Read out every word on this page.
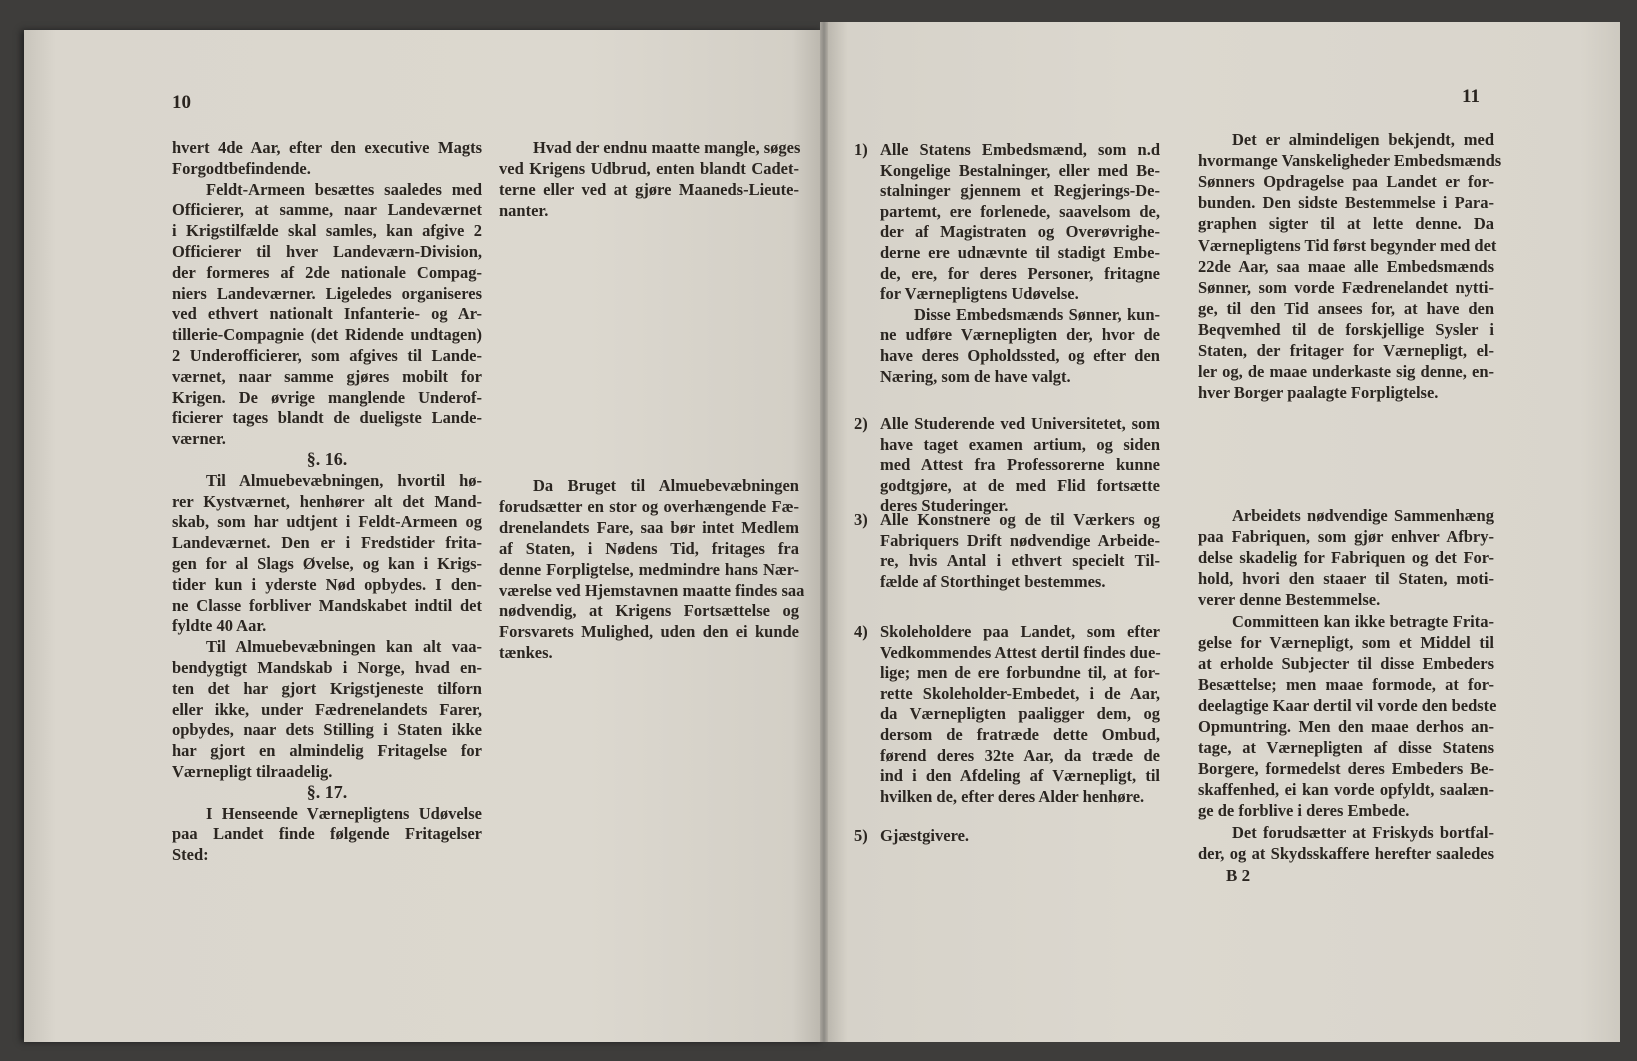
10	11
B 2
hvert 4de Aar, efter den executive Magts
Forgodtbefindende.
Feldt-Armeen besættes saaledes med
Officierer, at samme, naar Landeværnet
i Krigstilfælde skal samles, kan afgive 2
Officierer til hver Landeværn-Division,
der formeres af 2de nationale Compag-
niers Landeværner. Ligeledes organiseres
ved ethvert nationalt Infanterie- og Ar-
tillerie-Compagnie (det Ridende undtagen)
2 Underofficierer, som afgives til Lande-
værnet, naar samme gjøres mobilt for
Krigen. De øvrige manglende Underof-
ficierer tages blandt de dueligste Lande-
værner.
§. 16.
Til Almuebevæbningen, hvortil hø-
rer Kystværnet, henhører alt det Mand-
skab, som har udtjent i Feldt-Armeen og
Landeværnet. Den er i Fredstider frita-
gen for al Slags Øvelse, og kan i Krigs-
tider kun i yderste Nød opbydes. I den-
ne Classe forbliver Mandskabet indtil det
fyldte 40 Aar.
Til Almuebevæbningen kan alt vaa-
bendygtigt Mandskab i Norge, hvad en-
ten det har gjort Krigstjeneste tilforn
eller ikke, under Fædrenelandets Farer,
opbydes, naar dets Stilling i Staten ikke
har gjort en almindelig Fritagelse for
Værnepligt tilraadelig.
§. 17.
I Henseende Værnepligtens Udøvelse
paa Landet finde følgende Fritagelser
Sted:
Hvad der endnu maatte mangle, søges
ved Krigens Udbrud, enten blandt Cadet-
terne eller ved at gjøre Maaneds-Lieute-
nanter.
Da Bruget til Almuebevæbningen
forudsætter en stor og overhængende Fæ-
drenelandets Fare, saa bør intet Medlem
af Staten, i Nødens Tid, fritages fra
denne Forpligtelse, medmindre hans Nær-
værelse ved Hjemstavnen maatte findes saa
nødvendig, at Krigens Fortsættelse og
Forsvarets Mulighed, uden den ei kunde
tænkes.
1) Alle Statens Embedsmænd, som n.d
Kongelige Bestalninger, eller med Be-
stalninger gjennem et Regjerings-De-
partemt, ere forlenede, saavelsom de,
der af Magistraten og Overøvrighe-
derne ere udnævnte til stadigt Embe-
de, ere, for deres Personer, fritagne
for Værnepligtens Udøvelse.
Disse Embedsmænds Sønner, kun-
ne udføre Værnepligten der, hvor de
have deres Opholdssted, og efter den
Næring, som de have valgt.
2) Alle Studerende ved Universitetet, som
have taget examen artium, og siden
med Attest fra Professorerne kunne
godtgjøre, at de med Flid fortsætte
deres Studeringer.
3) Alle Konstnere og de til Værkers og
Fabriquers Drift nødvendige Arbeide-
re, hvis Antal i ethvert specielt Til-
fælde af Storthinget bestemmes.
4) Skoleholdere paa Landet, som efter
Vedkommendes Attest dertil findes due-
lige; men de ere forbundne til, at for-
rette Skoleholder-Embedet, i de Aar,
da Værnepligten paaligger dem, og
dersom de fratræde dette Ombud,
førend deres 32te Aar, da træde de
ind i den Afdeling af Værnepligt, til
hvilken de, efter deres Alder henhøre.
5) Gjæstgivere.
Det er almindeligen bekjendt, med
hvormange Vanskeligheder Embedsmænds
Sønners Opdragelse paa Landet er for-
bunden. Den sidste Bestemmelse i Para-
graphen sigter til at lette denne. Da
Værnepligtens Tid først begynder med det
22de Aar, saa maae alle Embedsmænds
Sønner, som vorde Fædrenelandet nytti-
ge, til den Tid ansees for, at have den
Beqvemhed til de forskjellige Sysler i
Staten, der fritager for Værnepligt, el-
ler og, de maae underkaste sig denne, en-
hver Borger paalagte Forpligtelse.
Arbeidets nødvendige Sammenhæng
paa Fabriquen, som gjør enhver Afbry-
delse skadelig for Fabriquen og det For-
hold, hvori den staaer til Staten, moti-
verer denne Bestemmelse.
Committeen kan ikke betragte Frita-
gelse for Værnepligt, som et Middel til
at erholde Subjecter til disse Embeders
Besættelse; men maae formode, at for-
deelagtige Kaar dertil vil vorde den bedste
Opmuntring. Men den maae derhos an-
tage, at Værnepligten af disse Statens
Borgere, formedelst deres Embeders Be-
skaffenhed, ei kan vorde opfyldt, saalæn-
ge de forblive i deres Embede.
Det forudsætter at Friskyds bortfal-
der, og at Skydsskaffere herefter saaledes
